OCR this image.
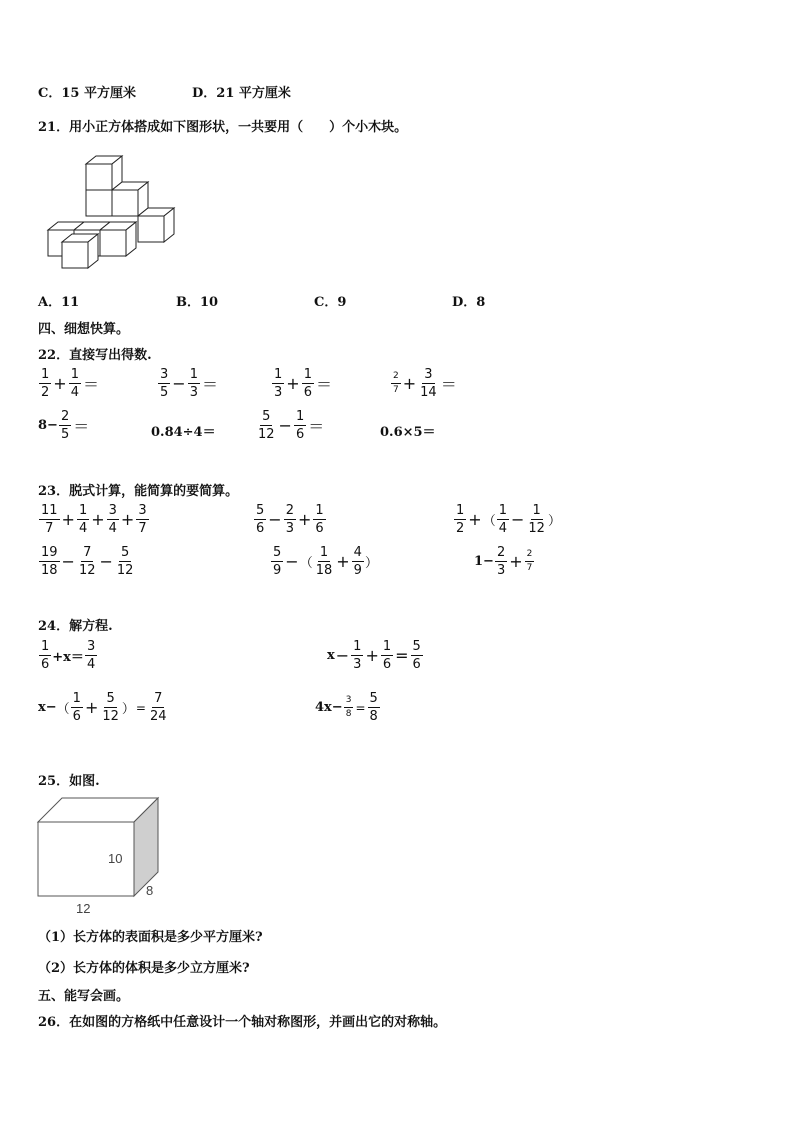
C．15 平方厘米	D．21 平方厘米
21．用小正方体搭成如下图形状，一共要用（　　）个小木块。
A．11	B．10	C．9	D．8
四、细想快算。
22．直接写出得数.
$\frac{1}{2} + \frac{1}{4}$ ＝	$\frac{3}{5} - \frac{1}{3}$ ＝	$\frac{1}{3} + \frac{1}{6}$ ＝	$\frac{2}{7} + \frac{3}{14}$ ＝
$8- \frac{2}{5}$ ＝	0.84÷4＝	$\frac{5}{12} - \frac{1}{6}$ ＝	0.6×5＝
23．脱式计算，能简算的要简算。
$\frac{11}{7} + \frac{1}{4} + \frac{3}{4} + \frac{3}{7}$	$\frac{5}{6} - \frac{2}{3} + \frac{1}{6}$	$\frac{1}{2}$ + （ $\frac{1}{4} - \frac{1}{12}$ ）
$\frac{19}{18} - \frac{7}{12} - \frac{5}{12}$	$\frac{5}{9}$ − （ $\frac{1}{18} + \frac{4}{9}$ ）	$1- \frac{2}{3} + \frac{2}{7}$
24．解方程.
$\frac{1}{6} +x= \frac{3}{4}$	$x - \frac{1}{3} + \frac{1}{6} = \frac{5}{6}$
x− （ $\frac{1}{6} + \frac{5}{12}$ ） = $\frac{7}{24}$	$4x- \frac{3}{8} = \frac{5}{8}$
25．如图.
10
8
12
（1）长方体的表面积是多少平方厘米?
（2）长方体的体积是多少立方厘米?
五、能写会画。
26．在如图的方格纸中任意设计一个轴对称图形，并画出它的对称轴。
